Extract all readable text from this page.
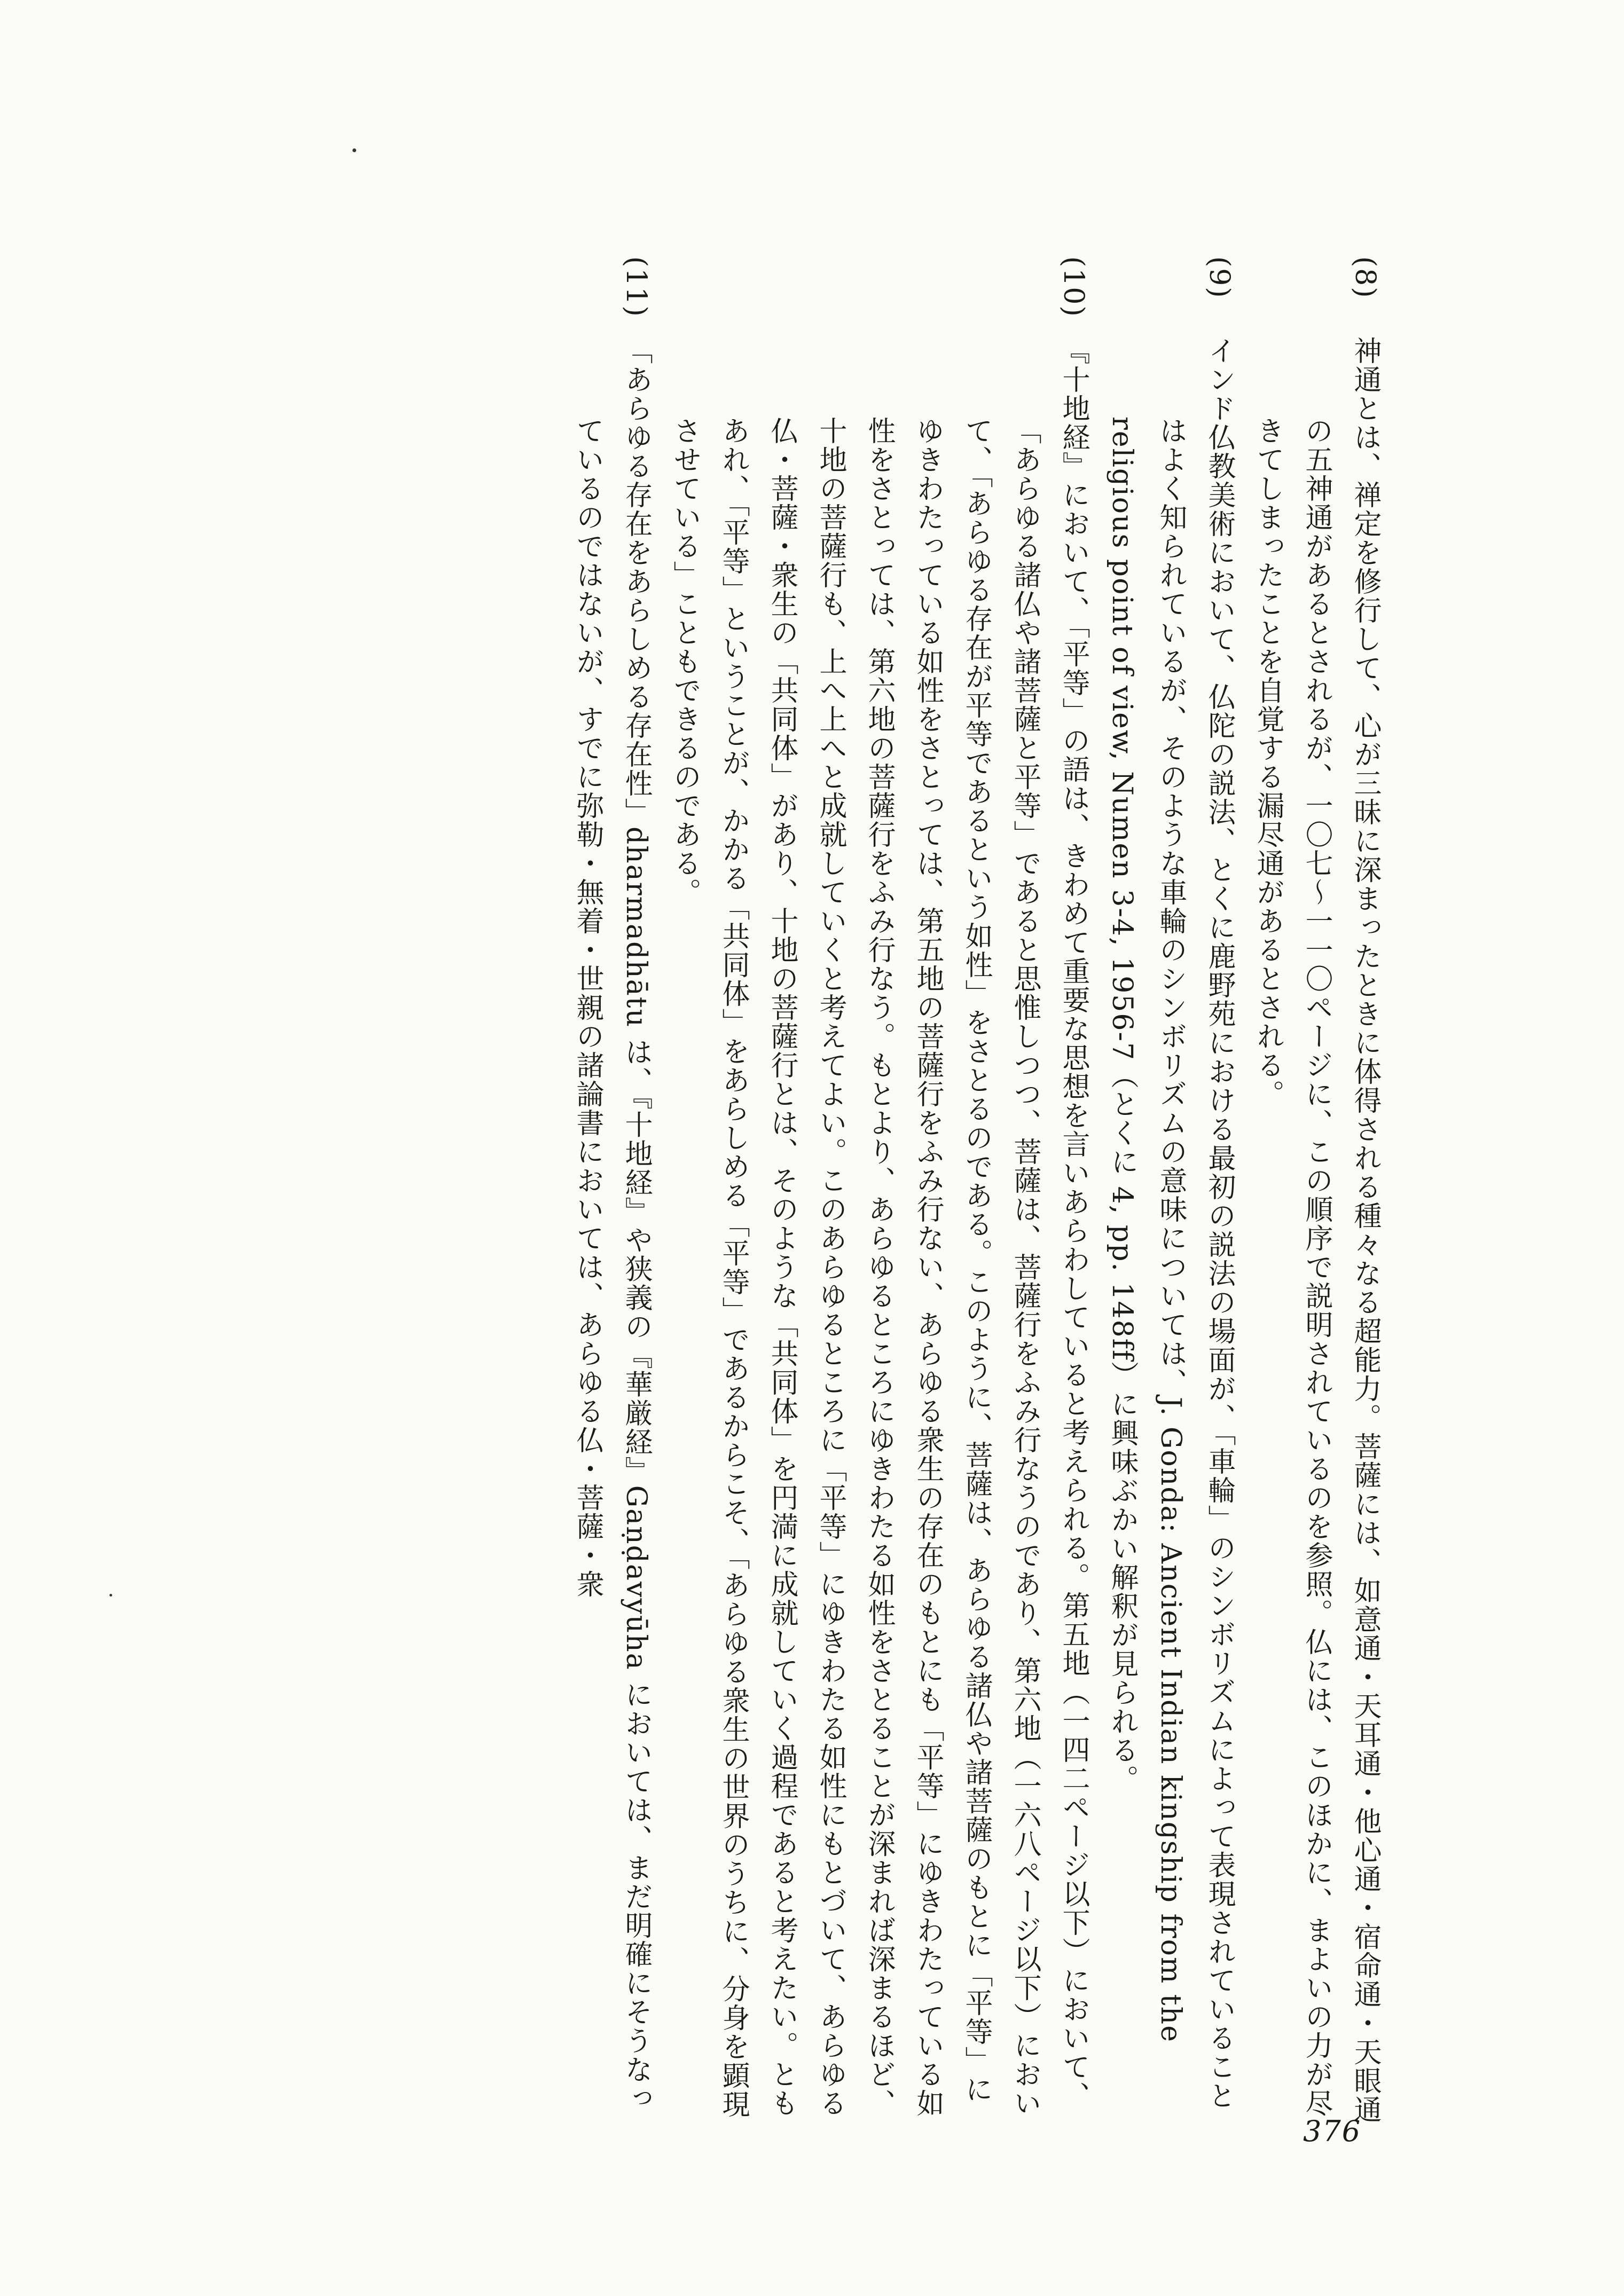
(8)神通とは、禅定を修行して、心が三昧に深まったときに体得される種々なる超能力。菩薩には、如意通・天耳通・他心通・宿命通・天眼通の五神通があるとされるが、一〇七〜一一〇ページに、この順序で説明されているのを参照。仏には、このほかに、まよいの力が尽きてしまったことを自覚する漏尽通があるとされる。

(9)インド仏教美術において、仏陀の説法、とくに鹿野苑における最初の説法の場面が、「車輪」のシンボリズムによって表現されていることはよく知られているが、そのような車輪のシンボリズムの意味については、J. Gonda: Ancient Indian kingship from the religious point of view, Numen 3-4, 1956-7（とくに 4, pp. 148ff）に興味ぶかい解釈が見られる。

(10)『十地経』において、「平等」の語は、きわめて重要な思想を言いあらわしていると考えられる。第五地（一四二ページ以下）において、「あらゆる諸仏や諸菩薩と平等」であると思惟しつつ、菩薩は、菩薩行をふみ行なうのであり、第六地（一六八ページ以下）において、「あらゆる存在が平等であるという如性」をさとるのである。このように、菩薩は、あらゆる諸仏や諸菩薩のもとに「平等」にゆきわたっている如性をさとっては、第五地の菩薩行をふみ行ない、あらゆる衆生の存在のもとにも「平等」にゆきわたっている如性をさとっては、第六地の菩薩行をふみ行なう。もとより、あらゆるところにゆきわたる如性をさとることが深まれば深まるほど、十地の菩薩行も、上へ上へと成就していくと考えてよい。このあらゆるところに「平等」にゆきわたる如性にもとづいて、あらゆる仏・菩薩・衆生の「共同体」があり、十地の菩薩行とは、そのような「共同体」を円満に成就していく過程であると考えたい。ともあれ、「平等」ということが、かかる「共同体」をあらしめる「平等」であるからこそ、「あらゆる衆生の世界のうちに、分身を顕現させている」こともできるのである。

(11)「あらゆる存在をあらしめる存在性」dharmadhātu は、『十地経』や狭義の『華厳経』Gaṇḍavyūha においては、まだ明確にそうなっているのではないが、すでに弥勒・無着・世親の諸論書においては、あらゆる仏・菩薩・衆

376
